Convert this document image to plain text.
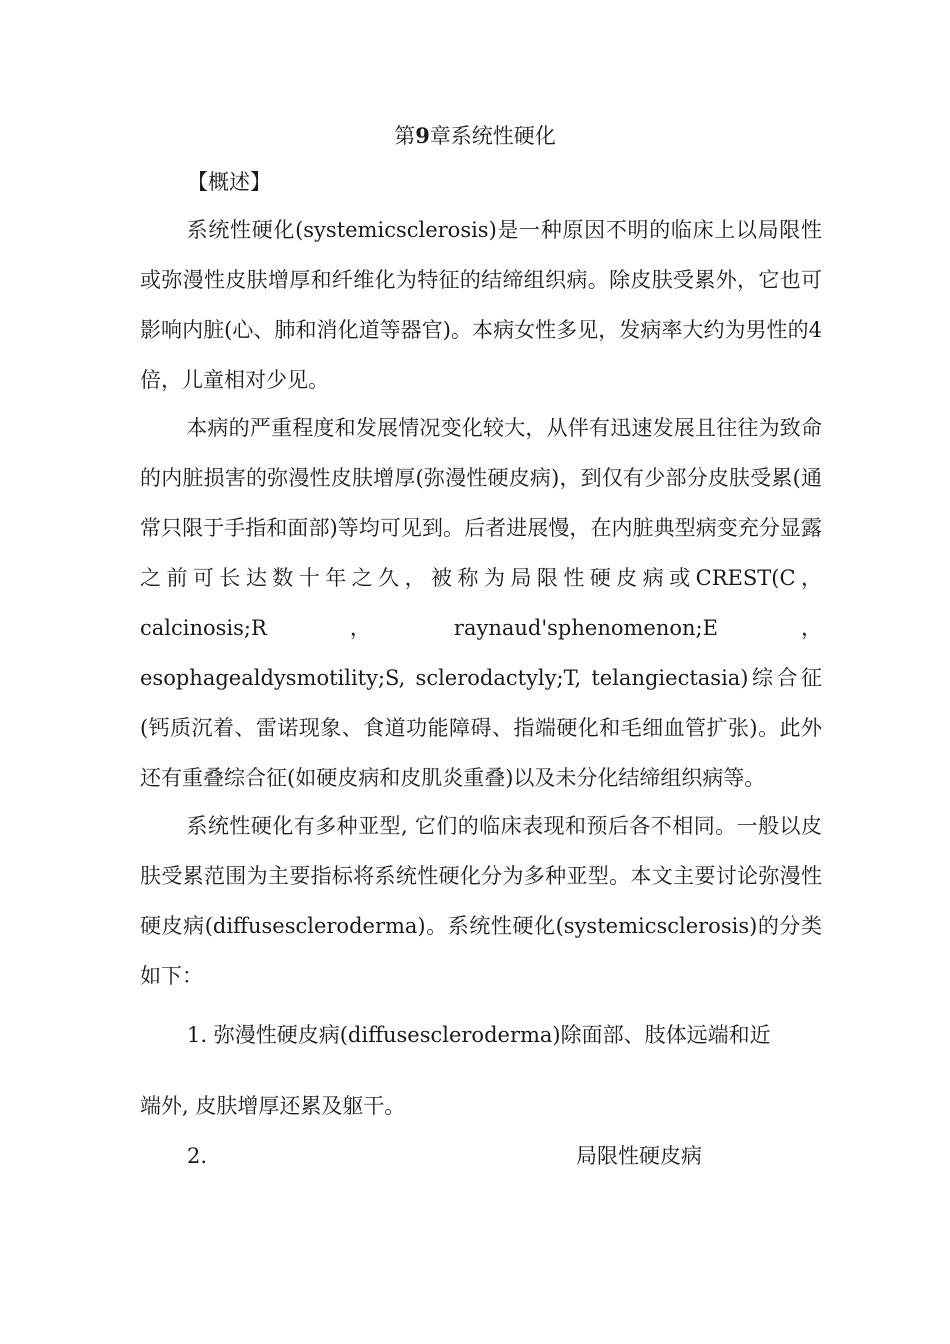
第9章系统性硬化
【概述】
系统性硬化(systemicsclerosis)是一种原因不明的临床上以局限性或弥漫性皮肤增厚和纤维化为特征的结缔组织病。除皮肤受累外，它也可影响内脏(心、肺和消化道等器官)。本病女性多见，发病率大约为男性的4倍，儿童相对少见。
本病的严重程度和发展情况变化较大，从伴有迅速发展且往往为致命的内脏损害的弥漫性皮肤增厚(弥漫性硬皮病)，到仅有少部分皮肤受累(通常只限于手指和面部)等均可见到。后者进展慢，在内脏典型病变充分显露之前可长达数十年之久，被称为局限性硬皮病或CREST(C，calcinosis;R，raynaud'sphenomenon;E，esophagealdysmotility;S, sclerodactyly;T, telangiectasia)综合征(钙质沉着、雷诺现象、食道功能障碍、指端硬化和毛细血管扩张)。此外还有重叠综合征(如硬皮病和皮肌炎重叠)以及未分化结缔组织病等。
系统性硬化有多种亚型, 它们的临床表现和预后各不相同。一般以皮肤受累范围为主要指标将系统性硬化分为多种亚型。本文主要讨论弥漫性硬皮病(diffusescleroderma)。系统性硬化(systemicsclerosis)的分类如下：
1. 弥漫性硬皮病(diffusescleroderma)除面部、肢体远端和近
端外, 皮肤增厚还累及躯干。
2.	局限性硬皮病
